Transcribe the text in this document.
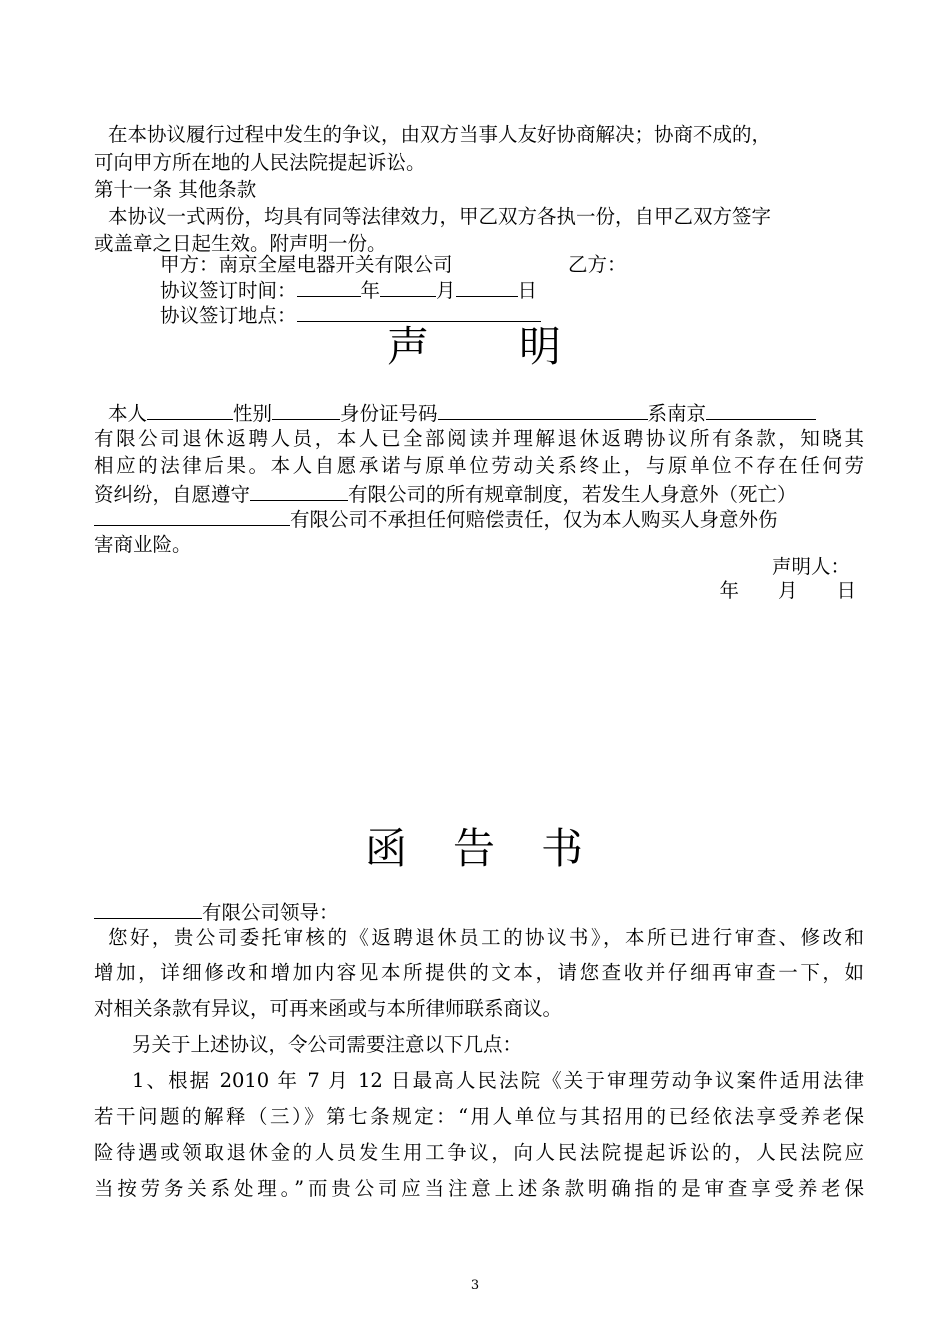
在本协议履行过程中发生的争议，由双方当事人友好协商解决；协商不成的，
可向甲方所在地的人民法院提起诉讼。
第十一条 其他条款
本协议一式两份，均具有同等法律效力，甲乙双方各执一份，自甲乙双方签字
或盖章之日起生效。附声明一份。
甲方：南京全屋电器开关有限公司	乙方：
协议签订时间：	年	月	日
协议签订地点：
声　　明
本人	性别	身份证号码	系南京
有限公司退休返聘人员，本人已全部阅读并理解退休返聘协议所有条款，知晓其
相应的法律后果。本人自愿承诺与原单位劳动关系终止，与原单位不存在任何劳
资纠纷，自愿遵守	有限公司的所有规章制度，若发生人身意外（死亡）
有限公司不承担任何赔偿责任，仅为本人购买人身意外伤
害商业险。
声明人：
年　　月　　日
函　告　书
有限公司领导：
您好，贵公司委托审核的《返聘退休员工的协议书》，本所已进行审查、修改和
增加，详细修改和增加内容见本所提供的文本，请您查收并仔细再审查一下，如
对相关条款有异议，可再来函或与本所律师联系商议。
另关于上述协议，令公司需要注意以下几点：
1、根据 2010 年 7 月 12 日最高人民法院《关于审理劳动争议案件适用法律
若干问题的解释（三）》第七条规定：“用人单位与其招用的已经依法享受养老保
险待遇或领取退休金的人员发生用工争议，向人民法院提起诉讼的，人民法院应
当按劳务关系处理。”而贵公司应当注意上述条款明确指的是审查享受养老保
3
